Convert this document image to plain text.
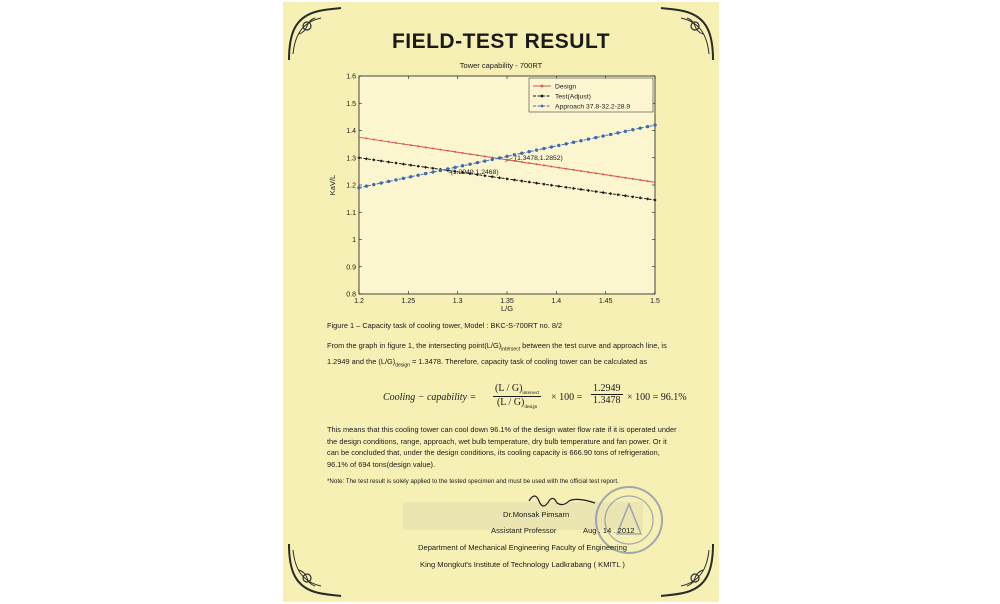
FIELD-TEST RESULT
Tower capability - 700RT
0.8
0.9
1
1.1
1.2
1.3
1.4
1.5
1.6
1.2	1.25	1.3	1.35	1.4	1.45	1.5
KaV/L
L/G
(1.3478,1.2852)
(1.2949,1.2468)
Design
Test(Adjust)
Approach 37.8-32.2-28.9
Figure 1 – Capacity task of cooling tower, Model : BKC-S-700RT no. 8/2
From the graph in figure 1, the intersecting $point(L/G)_{intersect}$ between the test curve and approach line, is 1.2949 and the $(L/G)_{design} = 1.3478$. Therefore, capacity task of cooling tower can be calculated as
Cooling − capability =
$(L / G)_{intersect}$
$(L / G)_{design}$
× $100 = \frac{1.2949}{1.3478} \times 100 = 96.1\%$
This means that this cooling tower can cool down 96.1% of the design water flow rate if it is operated under the design conditions, range, approach, wet bulb temperature, dry bulb temperature and fan power. Or it can be concluded that, under the design conditions, its cooling capacity is 666.90 tons of refrigeration, 96.1% of 694 tons(design value).
*Note: The test result is solely applied to the tested specimen and must be used with the official test report.
Dr.Monsak Pimsarn
Assistant Professor	Aug . 14 . 2012
Department of Mechanical Engineering Faculty of Engineering
King Mongkut's Institute of Technology Ladkrabang ( KMITL )
